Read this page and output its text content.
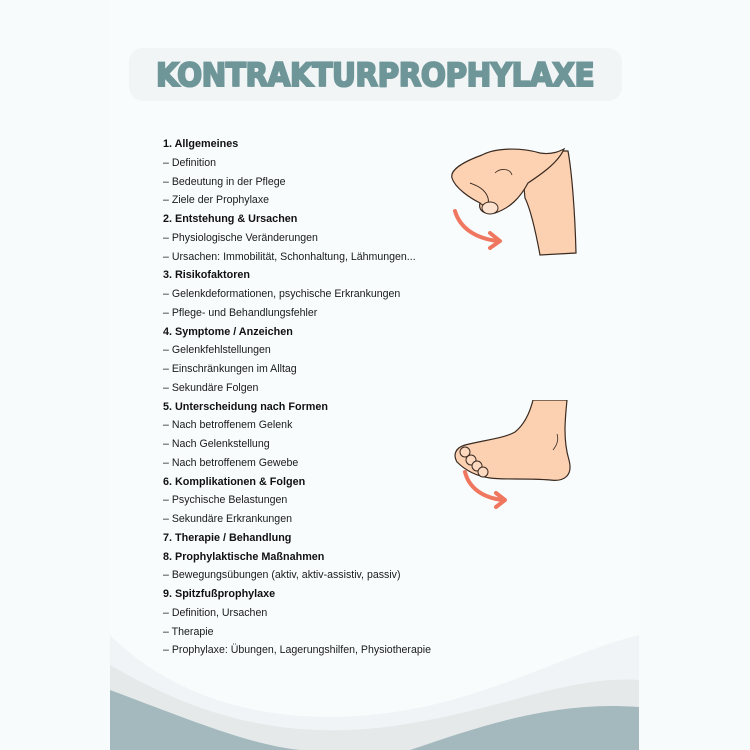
KONTRAKTURPROPHYLAXE
1. Allgemeines
– Definition
– Bedeutung in der Pflege
– Ziele der Prophylaxe
2. Entstehung & Ursachen
– Physiologische Veränderungen
– Ursachen: Immobilität, Schonhaltung, Lähmungen...
3. Risikofaktoren
– Gelenkdeformationen, psychische Erkrankungen
– Pflege- und Behandlungsfehler
4. Symptome / Anzeichen
– Gelenkfehlstellungen
– Einschränkungen im Alltag
– Sekundäre Folgen
5. Unterscheidung nach Formen
– Nach betroffenem Gelenk
– Nach Gelenkstellung
– Nach betroffenem Gewebe
6. Komplikationen & Folgen
– Psychische Belastungen
– Sekundäre Erkrankungen
7. Therapie / Behandlung
8. Prophylaktische Maßnahmen
– Bewegungsübungen (aktiv, aktiv-assistiv, passiv)
9. Spitzfußprophylaxe
– Definition, Ursachen
– Therapie
– Prophylaxe: Übungen, Lagerungshilfen, Physiotherapie
